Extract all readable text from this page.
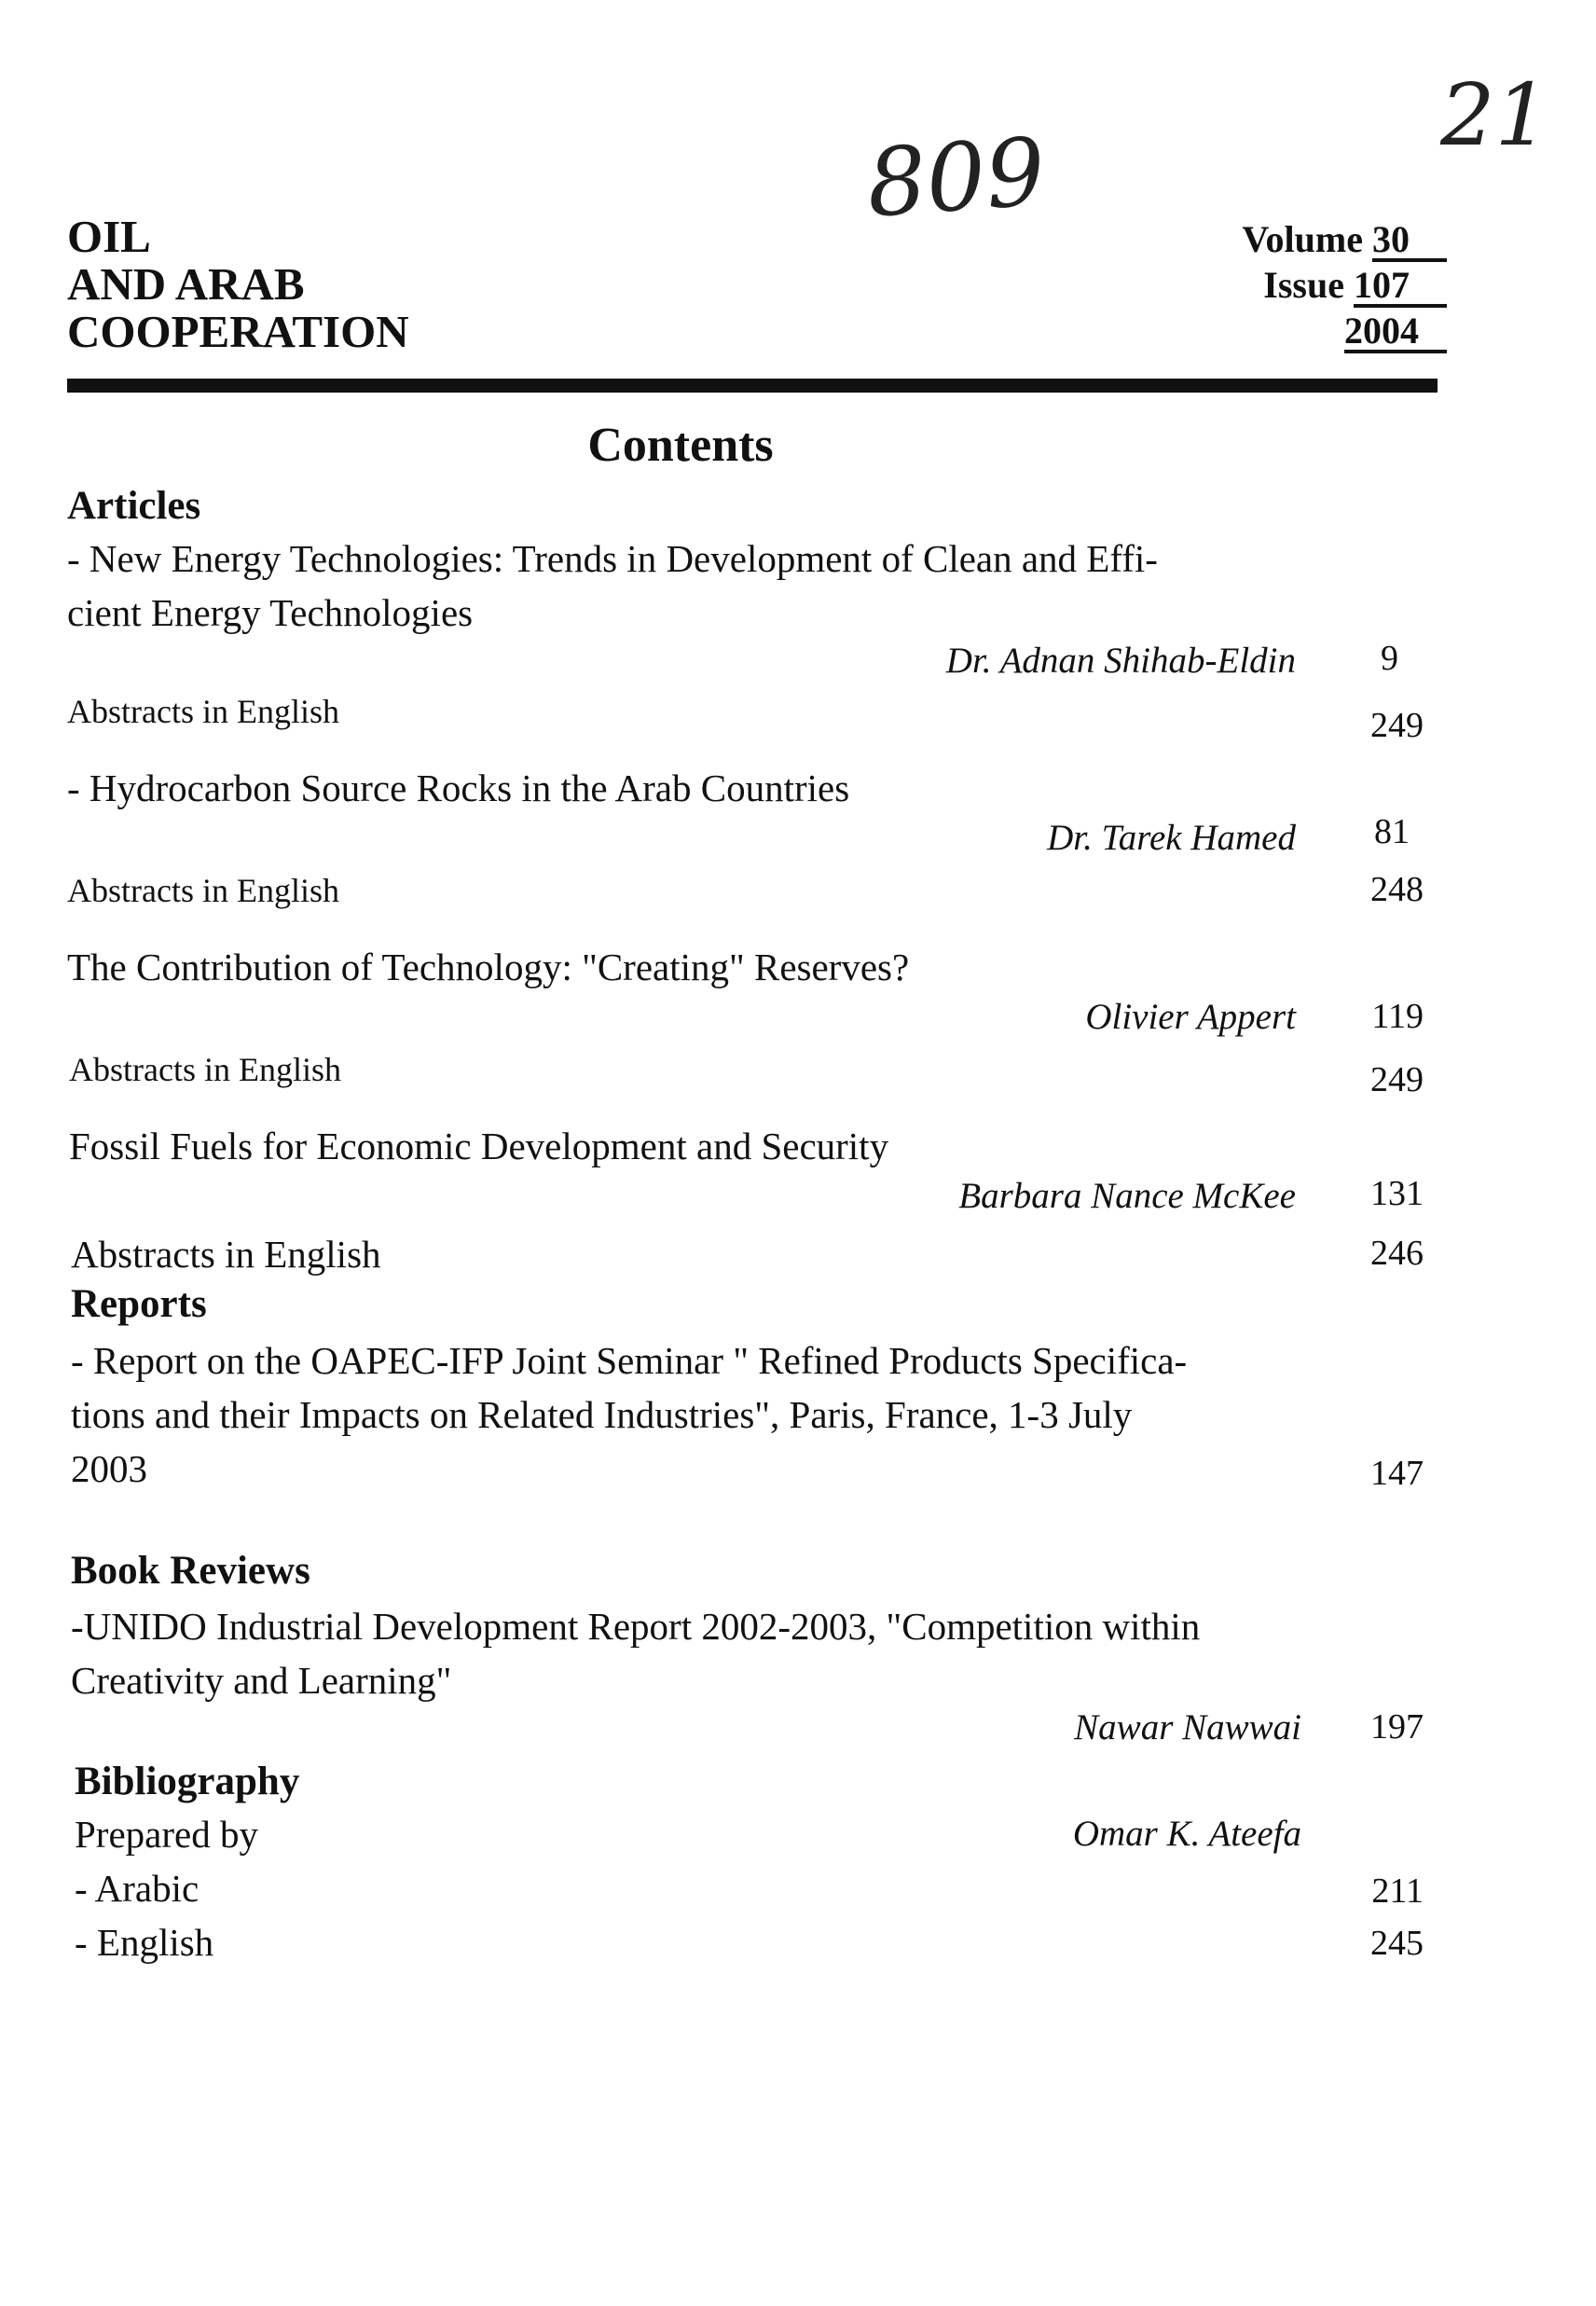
21
809
OIL
AND ARAB
COOPERATION
Volume 30
Issue 107
2004
Contents
Articles
- New Energy Technologies: Trends in Development of Clean and Effi-
cient Energy Technologies
Dr. Adnan Shihab-Eldin 9
Abstracts in English	249
- Hydrocarbon Source Rocks in the Arab Countries
Dr. Tarek Hamed 81
Abstracts in English	248
The Contribution of Technology: "Creating" Reserves?
Olivier Appert 119
Abstracts in English	249
Fossil Fuels for Economic Development and Security
Barbara Nance McKee 131
Abstracts in English	246
Reports
- Report on the OAPEC-IFP Joint Seminar " Refined Products Specifica-
tions and their Impacts on Related Industries", Paris, France, 1-3 July
2003	147
Book Reviews
-UNIDO Industrial Development Report 2002-2003, "Competition within
Creativity and Learning"
Nawar Nawwai 197
Bibliography
Prepared by	Omar K. Ateefa
- Arabic	211
- English	245
